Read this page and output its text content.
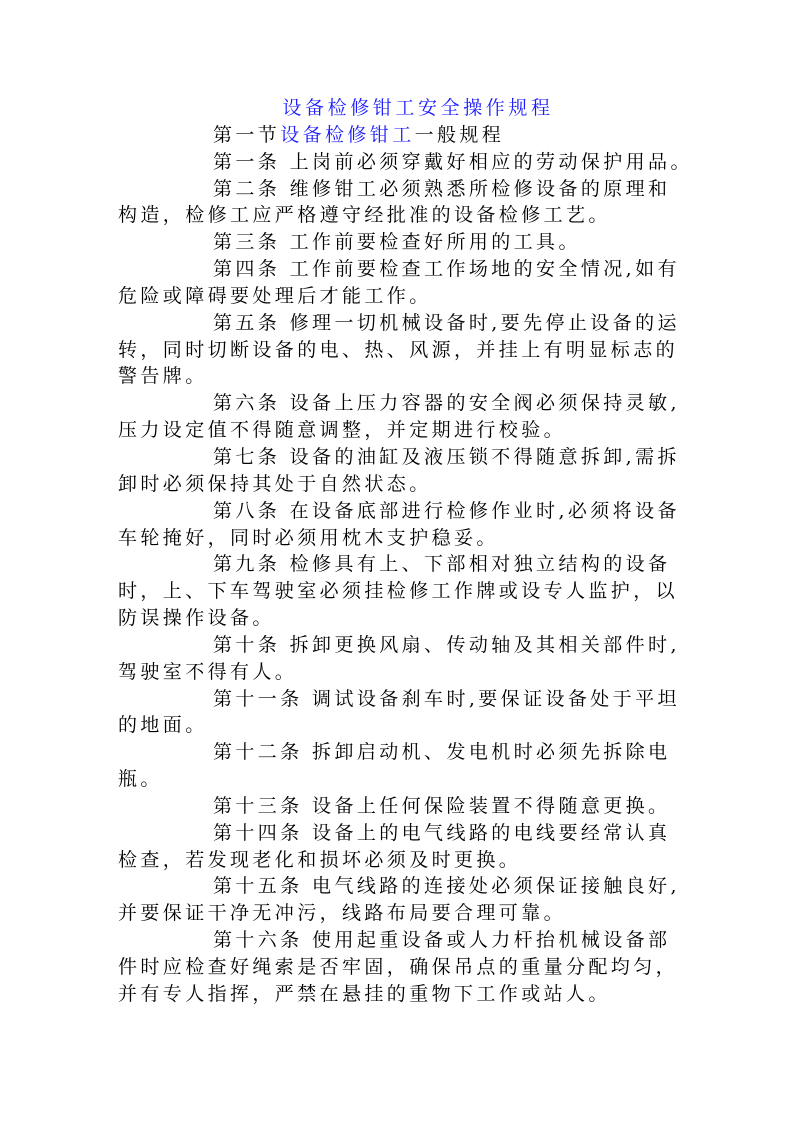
设备检修钳工安全操作规程
第一节设备检修钳工一般规程
第一条 上岗前必须穿戴好相应的劳动保护用品。
第二条 维修钳工必须熟悉所检修设备的原理和
构造，检修工应严格遵守经批准的设备检修工艺。
第三条 工作前要检查好所用的工具。
第四条 工作前要检查工作场地的安全情况,如有
危险或障碍要处理后才能工作。
第五条 修理一切机械设备时,要先停止设备的运
转，同时切断设备的电、热、风源，并挂上有明显标志的
警告牌。
第六条 设备上压力容器的安全阀必须保持灵敏,
压力设定值不得随意调整，并定期进行校验。
第七条 设备的油缸及液压锁不得随意拆卸,需拆
卸时必须保持其处于自然状态。
第八条 在设备底部进行检修作业时,必须将设备
车轮掩好，同时必须用枕木支护稳妥。
第九条 检修具有上、下部相对独立结构的设备
时，上、下车驾驶室必须挂检修工作牌或设专人监护，以
防误操作设备。
第十条 拆卸更换风扇、传动轴及其相关部件时,
驾驶室不得有人。
第十一条 调试设备刹车时,要保证设备处于平坦
的地面。
第十二条 拆卸启动机、发电机时必须先拆除电
瓶。
第十三条 设备上任何保险装置不得随意更换。
第十四条 设备上的电气线路的电线要经常认真
检查，若发现老化和损坏必须及时更换。
第十五条 电气线路的连接处必须保证接触良好,
并要保证干净无冲污，线路布局要合理可靠。
第十六条 使用起重设备或人力杆抬机械设备部
件时应检查好绳索是否牢固，确保吊点的重量分配均匀，
并有专人指挥，严禁在悬挂的重物下工作或站人。
